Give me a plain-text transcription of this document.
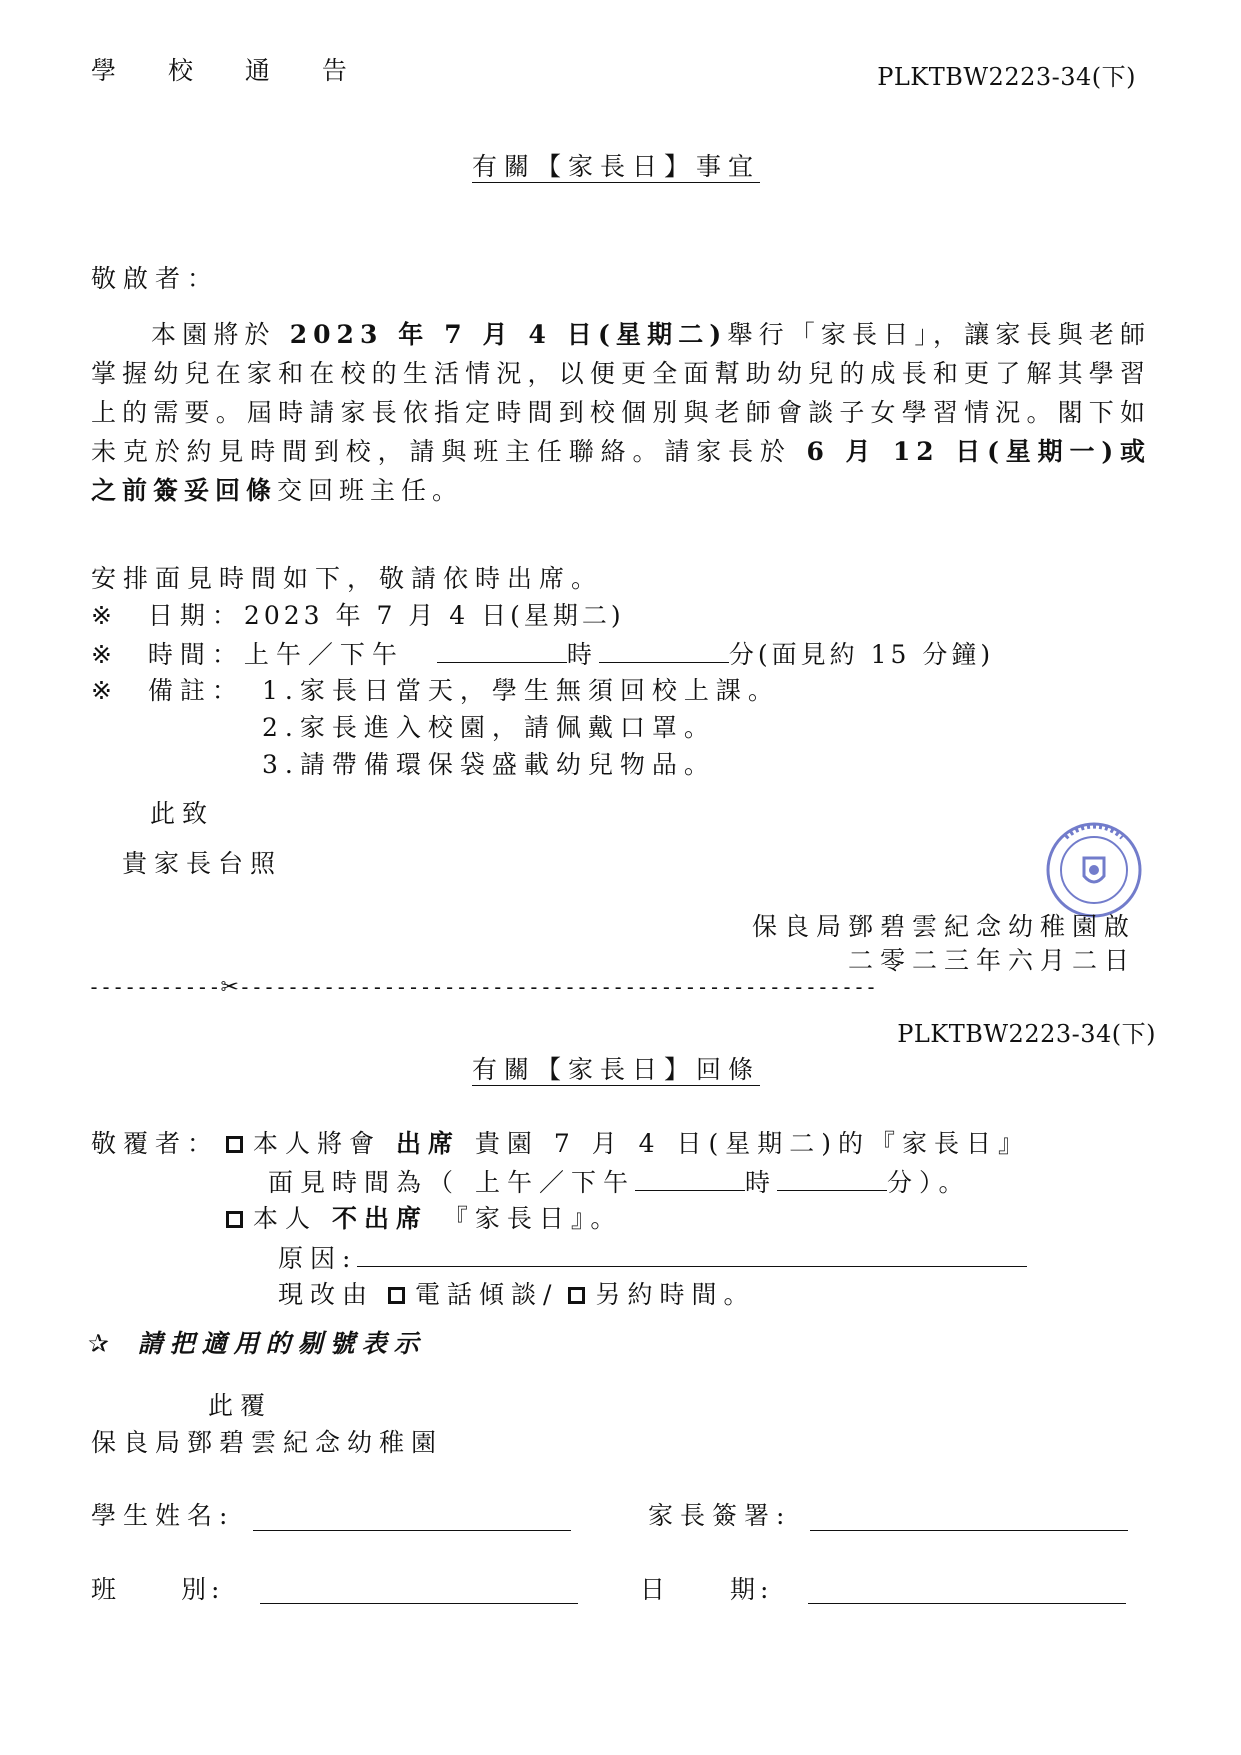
學 校 通 告	PLKTBW2223-34(下)
有關【家長日】事宜
敬啟者：
本園將於 2023 年 7 月 4 日(星期二)舉行「家長日」，讓家長與老師掌握幼兒在家和在校的生活情況，以便更全面幫助幼兒的成長和更了解其學習上的需要。屆時請家長依指定時間到校個別與老師會談子女學習情況。閣下如未克於約見時間到校，請與班主任聯絡。請家長於 6 月 12 日(星期一)或之前簽妥回條交回班主任。
安排面見時間如下，敬請依時出席。
※ 日期：2023 年 7 月 4 日(星期二)
※ 時間：上午／下午	時	分(面見約 15 分鐘)
※ 備註： 1.家長日當天，學生無須回校上課。
2.家長進入校園，請佩戴口罩。
3.請帶備環保袋盛載幼兒物品。
此致
貴家長台照
保良局鄧碧雲紀念幼稚園啟
二零二三年六月二日
-----------✂-----------------------------------------------------
PLKTBW2223-34(下)
有關【家長日】回條
敬覆者：	本人將會 出席 貴園 7 月 4 日(星期二)的『家長日』
面見時間為（ 上午／下午	時	分）。
本人 不出席 『家長日』。
原因:
現改由 電話傾談/ 另約時間。
✰ 請把適用的剔號表示
此覆
保良局鄧碧雲紀念幼稚園
學生姓名:	家長簽署:
班　　別:	日　　期:
